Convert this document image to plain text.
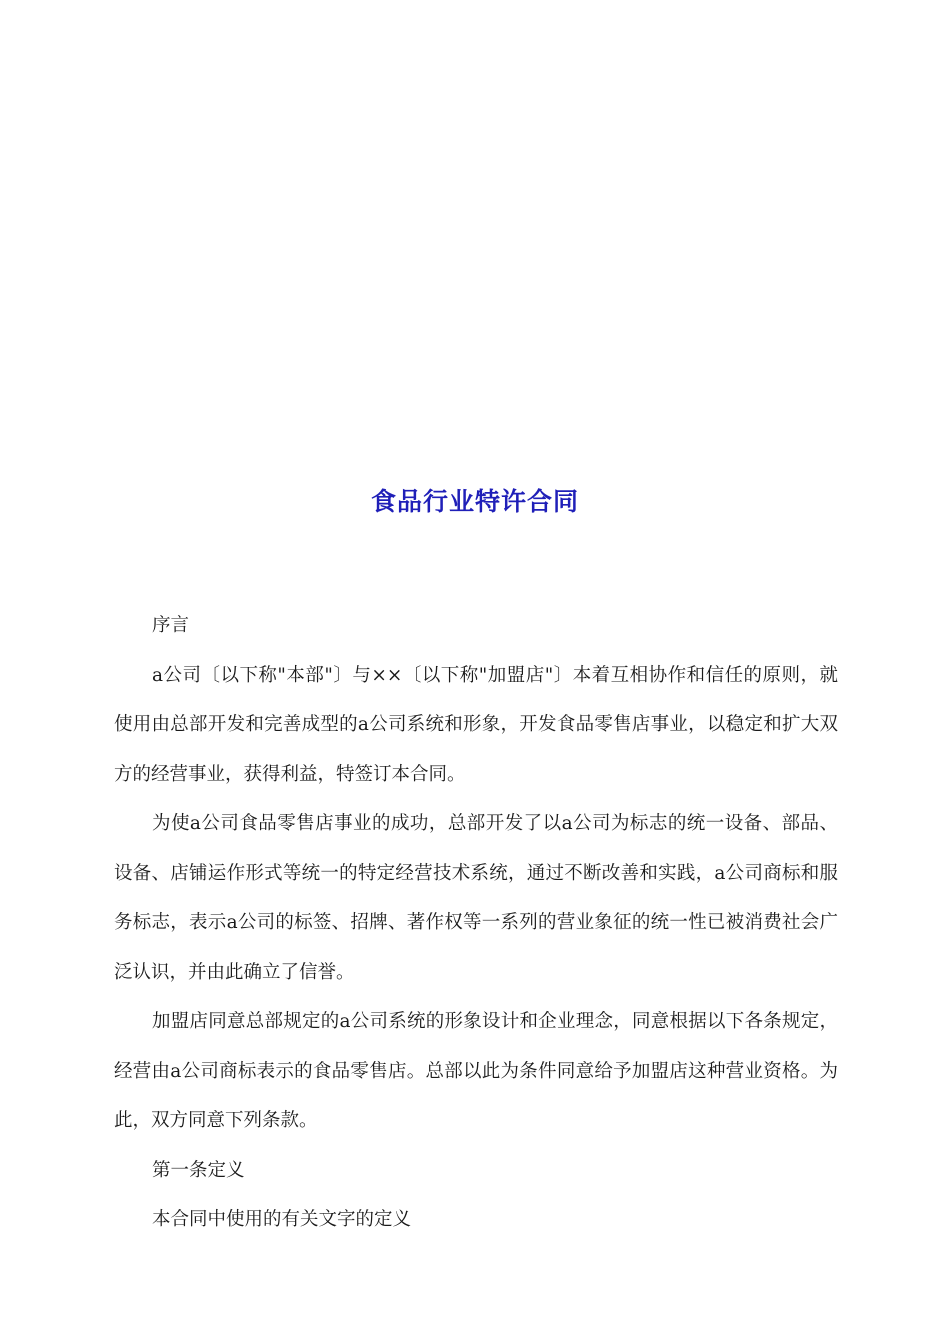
食品行业特许合同

序言

a公司〔以下称"本部"〕与××〔以下称"加盟店"〕本着互相协作和信任的原则，就使用由总部开发和完善成型的a公司系统和形象，开发食品零售店事业，以稳定和扩大双方的经营事业，获得利益，特签订本合同。

为使a公司食品零售店事业的成功，总部开发了以a公司为标志的统一设备、部品、设备、店铺运作形式等统一的特定经营技术系统，通过不断改善和实践，a公司商标和服务标志，表示a公司的标签、招牌、著作权等一系列的营业象征的统一性已被消费社会广泛认识，并由此确立了信誉。

加盟店同意总部规定的a公司系统的形象设计和企业理念，同意根据以下各条规定，经营由a公司商标表示的食品零售店。总部以此为条件同意给予加盟店这种营业资格。为此，双方同意下列条款。

第一条定义

本合同中使用的有关文字的定义
